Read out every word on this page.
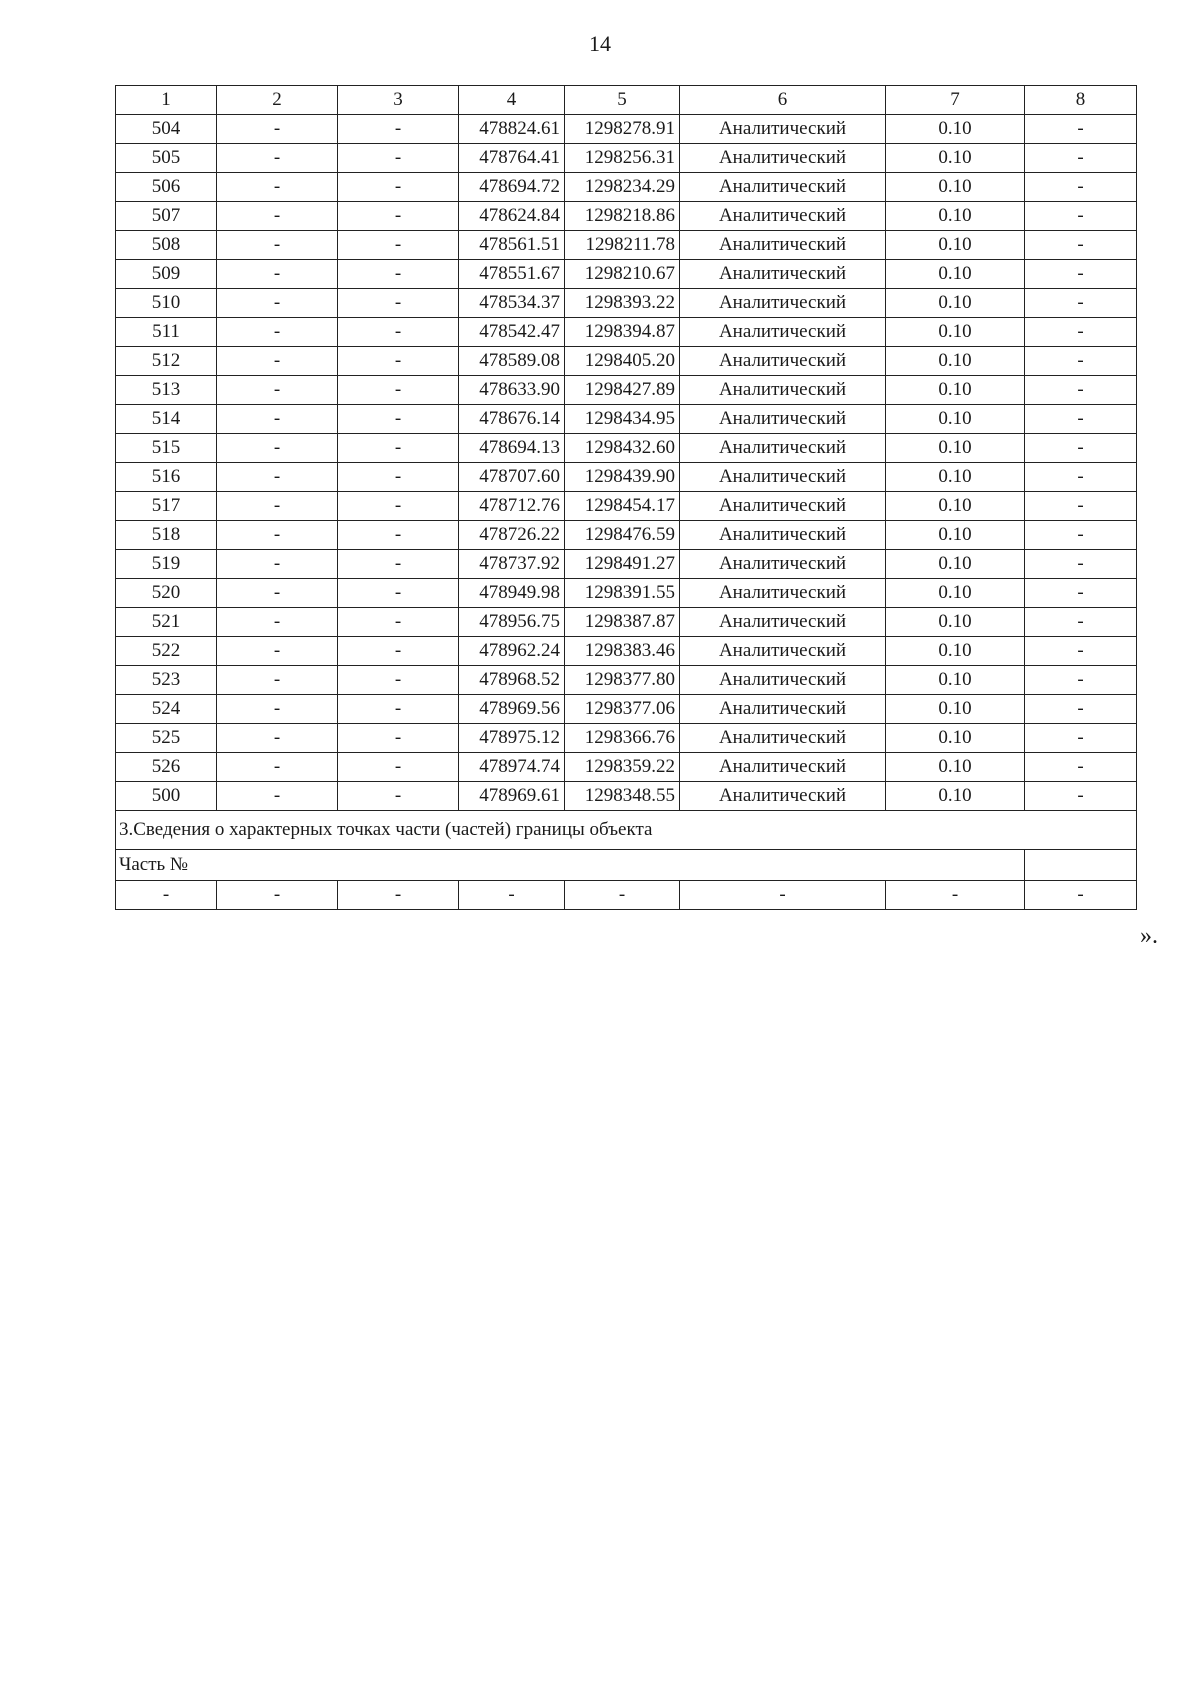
14
1	2	3	4	5	6	7	8
504	-	-	478824.61	1298278.91	Аналитический	0.10	-
505	-	-	478764.41	1298256.31	Аналитический	0.10	-
506	-	-	478694.72	1298234.29	Аналитический	0.10	-
507	-	-	478624.84	1298218.86	Аналитический	0.10	-
508	-	-	478561.51	1298211.78	Аналитический	0.10	-
509	-	-	478551.67	1298210.67	Аналитический	0.10	-
510	-	-	478534.37	1298393.22	Аналитический	0.10	-
511	-	-	478542.47	1298394.87	Аналитический	0.10	-
512	-	-	478589.08	1298405.20	Аналитический	0.10	-
513	-	-	478633.90	1298427.89	Аналитический	0.10	-
514	-	-	478676.14	1298434.95	Аналитический	0.10	-
515	-	-	478694.13	1298432.60	Аналитический	0.10	-
516	-	-	478707.60	1298439.90	Аналитический	0.10	-
517	-	-	478712.76	1298454.17	Аналитический	0.10	-
518	-	-	478726.22	1298476.59	Аналитический	0.10	-
519	-	-	478737.92	1298491.27	Аналитический	0.10	-
520	-	-	478949.98	1298391.55	Аналитический	0.10	-
521	-	-	478956.75	1298387.87	Аналитический	0.10	-
522	-	-	478962.24	1298383.46	Аналитический	0.10	-
523	-	-	478968.52	1298377.80	Аналитический	0.10	-
524	-	-	478969.56	1298377.06	Аналитический	0.10	-
525	-	-	478975.12	1298366.76	Аналитический	0.10	-
526	-	-	478974.74	1298359.22	Аналитический	0.10	-
500	-	-	478969.61	1298348.55	Аналитический	0.10	-
3.Сведения о характерных точках части (частей) границы объекта							
Часть №							
-	-	-	-	-	-	-	-
».
